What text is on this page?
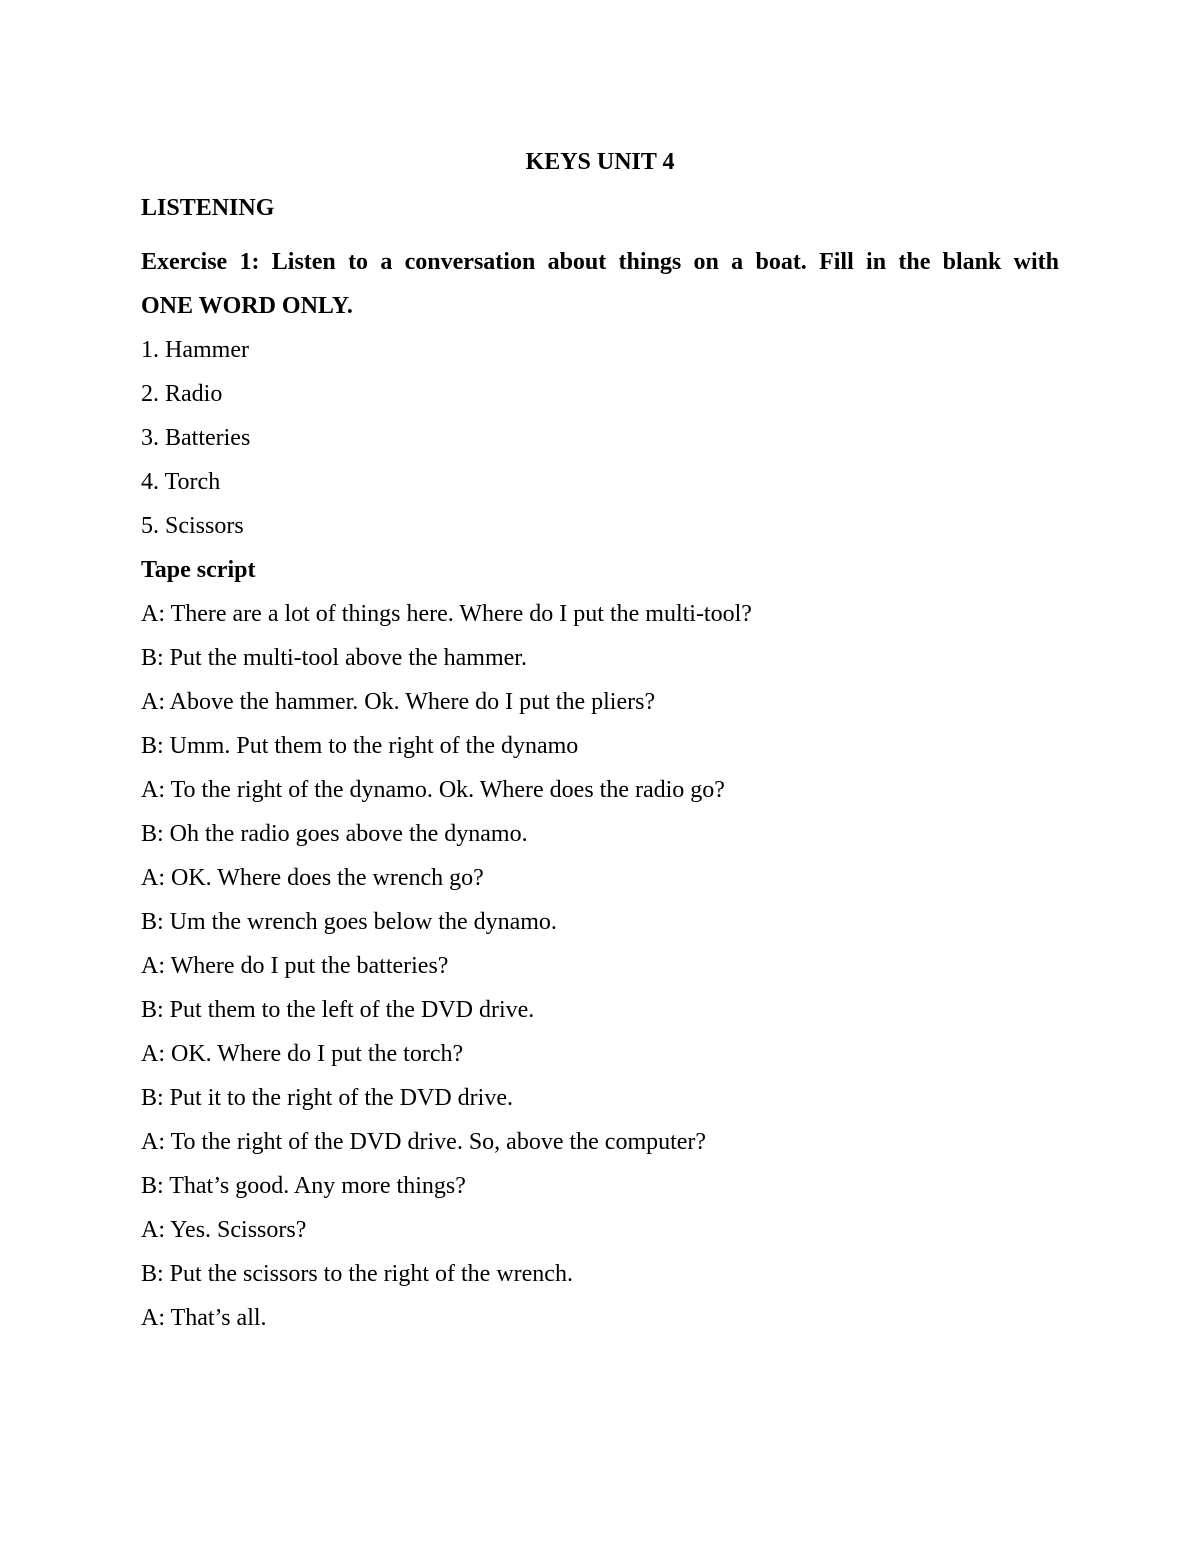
KEYS UNIT 4
LISTENING
Exercise 1: Listen to a conversation about things on a boat. Fill in the blank with
ONE WORD ONLY.
1. Hammer
2. Radio
3. Batteries
4. Torch
5. Scissors
Tape script
A: There are a lot of things here. Where do I put the multi-tool?
B: Put the multi-tool above the hammer.
A: Above the hammer. Ok. Where do I put the pliers?
B: Umm. Put them to the right of the dynamo
A: To the right of the dynamo. Ok. Where does the radio go?
B: Oh the radio goes above the dynamo.
A: OK. Where does the wrench go?
B: Um the wrench goes below the dynamo.
A: Where do I put the batteries?
B: Put them to the left of the DVD drive.
A: OK. Where do I put the torch?
B: Put it to the right of the DVD drive.
A: To the right of the DVD drive. So, above the computer?
B: That’s good. Any more things?
A: Yes. Scissors?
B: Put the scissors to the right of the wrench.
A: That’s all.
